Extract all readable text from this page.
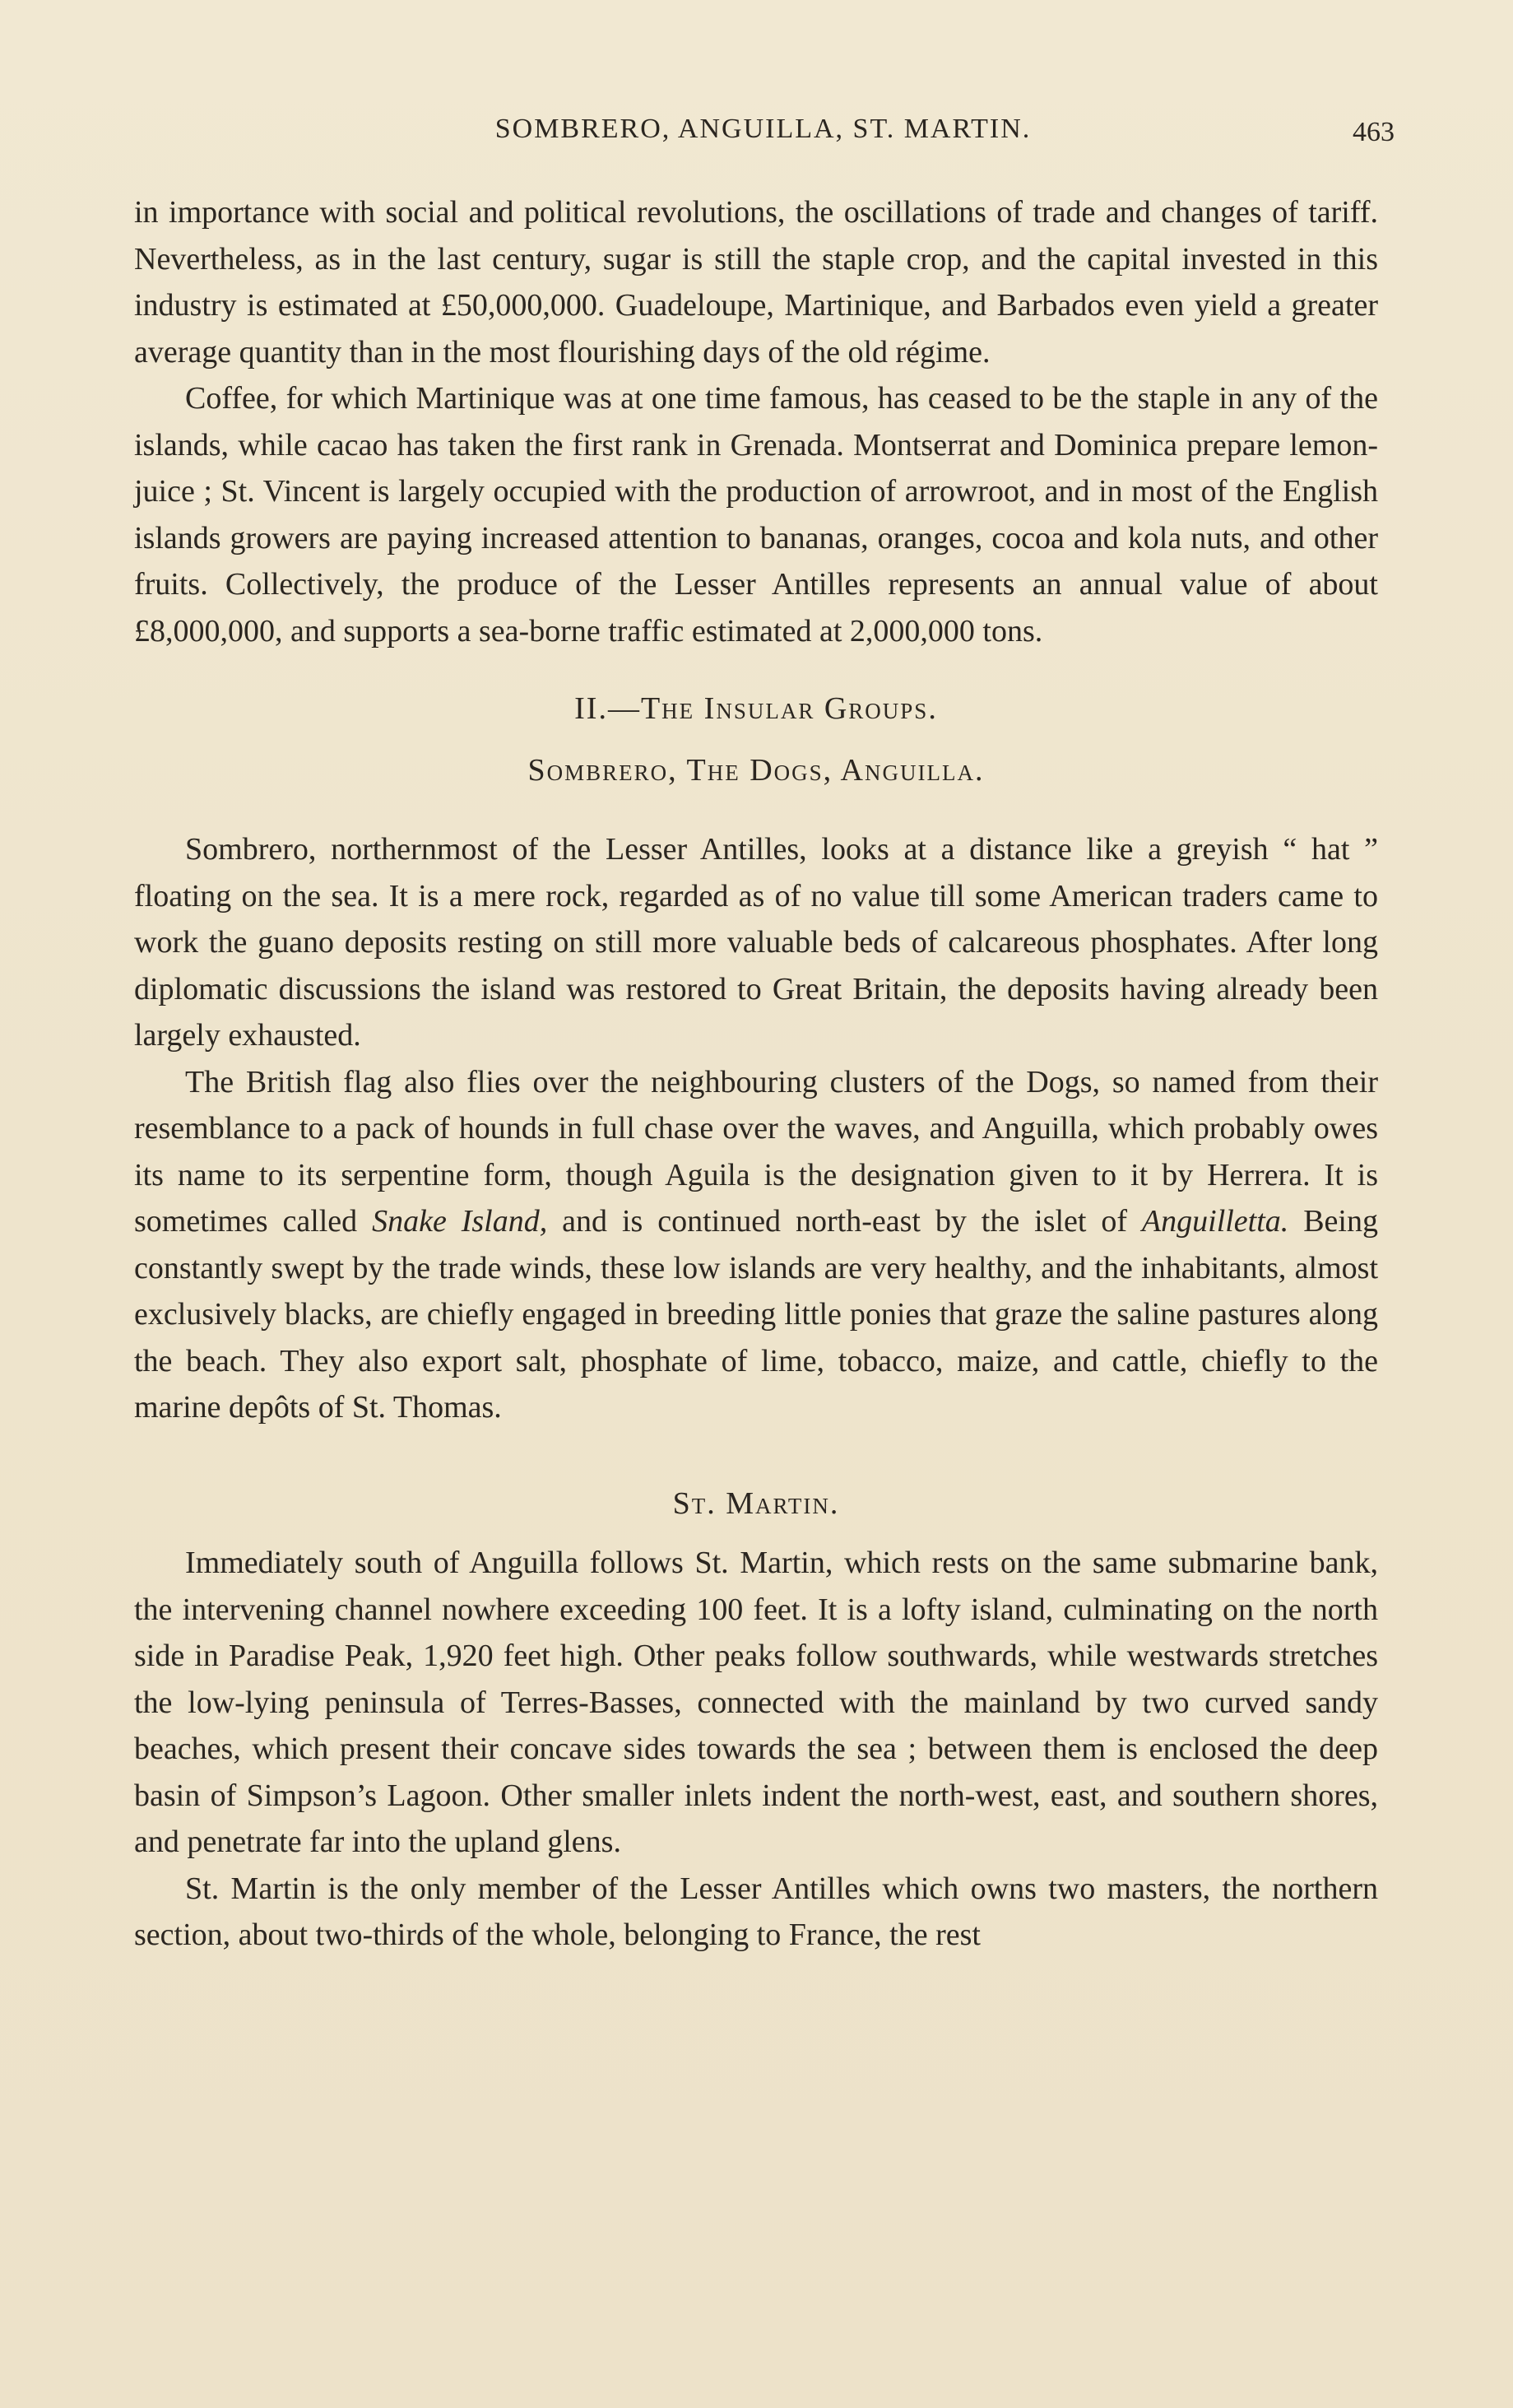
SOMBRERO, ANGUILLA, ST. MARTIN.	463

in importance with social and political revolutions, the oscillations of trade and changes of tariff. Nevertheless, as in the last century, sugar is still the staple crop, and the capital invested in this industry is estimated at £50,000,000. Guadeloupe, Martinique, and Barbados even yield a greater average quantity than in the most flourishing days of the old régime.

Coffee, for which Martinique was at one time famous, has ceased to be the staple in any of the islands, while cacao has taken the first rank in Grenada. Montserrat and Dominica prepare lemon-juice ; St. Vincent is largely occupied with the production of arrowroot, and in most of the English islands growers are paying increased attention to bananas, oranges, cocoa and kola nuts, and other fruits. Collectively, the produce of the Lesser Antilles represents an annual value of about £8,000,000, and supports a sea-borne traffic estimated at 2,000,000 tons.

II.—The Insular Groups.
Sombrero, The Dogs, Anguilla.

Sombrero, northernmost of the Lesser Antilles, looks at a distance like a greyish “ hat ” floating on the sea. It is a mere rock, regarded as of no value till some American traders came to work the guano deposits resting on still more valuable beds of calcareous phosphates. After long diplomatic discussions the island was restored to Great Britain, the deposits having already been largely exhausted.

The British flag also flies over the neighbouring clusters of the Dogs, so named from their resemblance to a pack of hounds in full chase over the waves, and Anguilla, which probably owes its name to its serpentine form, though Aguila is the designation given to it by Herrera. It is sometimes called Snake Island, and is continued north-east by the islet of Anguilletta. Being constantly swept by the trade winds, these low islands are very healthy, and the inhabitants, almost exclusively blacks, are chiefly engaged in breeding little ponies that graze the saline pastures along the beach. They also export salt, phosphate of lime, tobacco, maize, and cattle, chiefly to the marine depôts of St. Thomas.

St. Martin.

Immediately south of Anguilla follows St. Martin, which rests on the same submarine bank, the intervening channel nowhere exceeding 100 feet. It is a lofty island, culminating on the north side in Paradise Peak, 1,920 feet high. Other peaks follow southwards, while westwards stretches the low-lying peninsula of Terres-Basses, connected with the mainland by two curved sandy beaches, which present their concave sides towards the sea ; between them is enclosed the deep basin of Simpson’s Lagoon. Other smaller inlets indent the north-west, east, and southern shores, and penetrate far into the upland glens.

St. Martin is the only member of the Lesser Antilles which owns two masters, the northern section, about two-thirds of the whole, belonging to France, the rest
